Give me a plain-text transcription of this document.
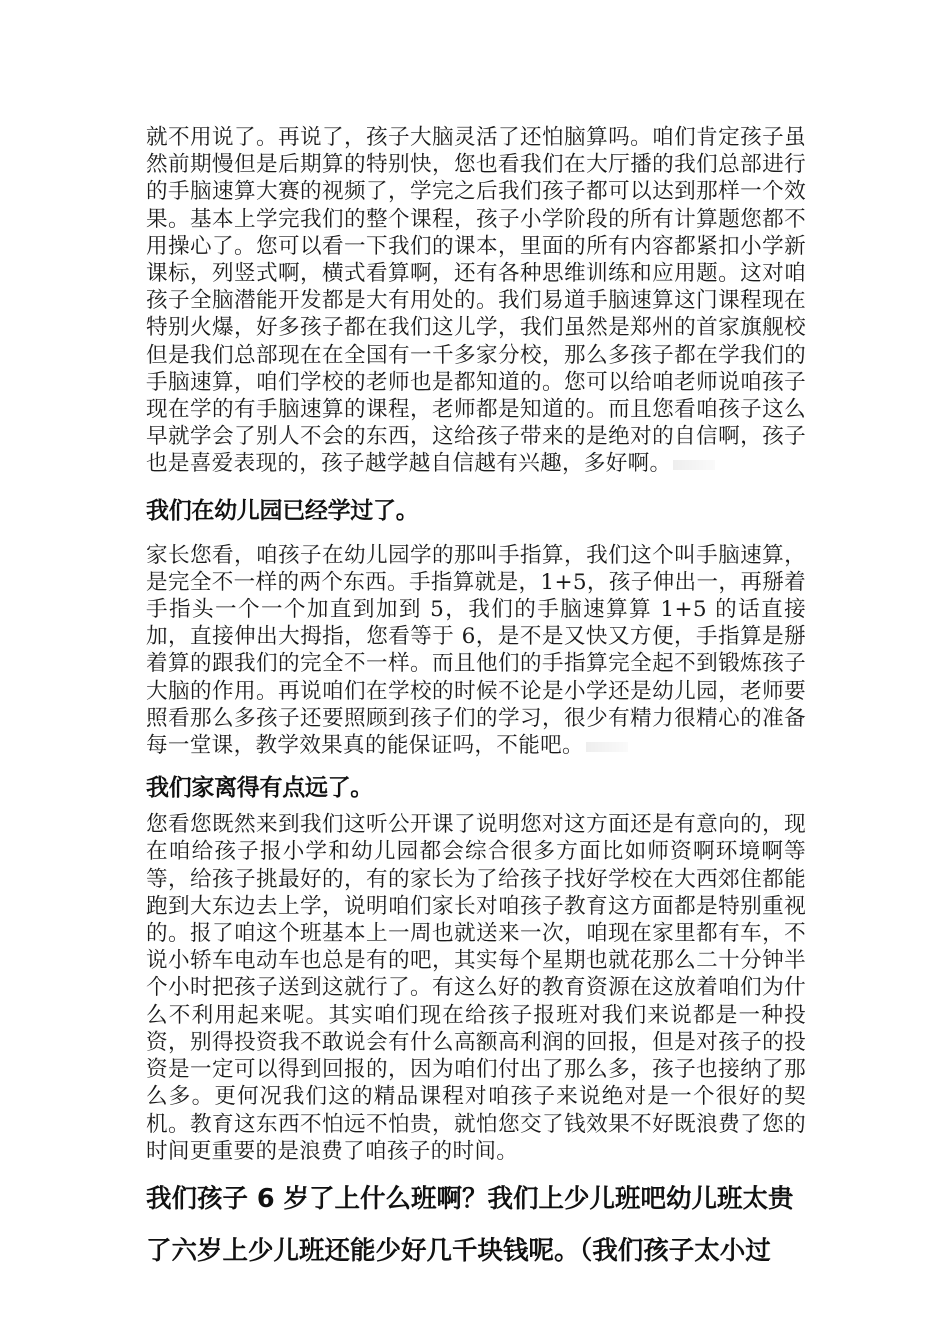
就不用说了。再说了，孩子大脑灵活了还怕脑算吗。咱们肯定孩子虽然前期慢但是后期算的特别快，您也看我们在大厅播的我们总部进行的手脑速算大赛的视频了，学完之后我们孩子都可以达到那样一个效果。基本上学完我们的整个课程，孩子小学阶段的所有计算题您都不用操心了。您可以看一下我们的课本，里面的所有内容都紧扣小学新课标，列竖式啊，横式看算啊，还有各种思维训练和应用题。这对咱孩子全脑潜能开发都是大有用处的。我们易道手脑速算这门课程现在特别火爆，好多孩子都在我们这儿学，我们虽然是郑州的首家旗舰校但是我们总部现在在全国有一千多家分校，那么多孩子都在学我们的手脑速算，咱们学校的老师也是都知道的。您可以给咱老师说咱孩子现在学的有手脑速算的课程，老师都是知道的。而且您看咱孩子这么早就学会了别人不会的东西，这给孩子带来的是绝对的自信啊，孩子也是喜爱表现的，孩子越学越自信越有兴趣，多好啊。

我们在幼儿园已经学过了。

家长您看，咱孩子在幼儿园学的那叫手指算，我们这个叫手脑速算，是完全不一样的两个东西。手指算就是，1+5，孩子伸出一，再掰着手指头一个一个加直到加到 5，我们的手脑速算算 1+5 的话直接加，直接伸出大拇指，您看等于 6，是不是又快又方便，手指算是掰着算的跟我们的完全不一样。而且他们的手指算完全起不到锻炼孩子大脑的作用。再说咱们在学校的时候不论是小学还是幼儿园，老师要照看那么多孩子还要照顾到孩子们的学习，很少有精力很精心的准备每一堂课，教学效果真的能保证吗，不能吧。

我们家离得有点远了。

您看您既然来到我们这听公开课了说明您对这方面还是有意向的，现在咱给孩子报小学和幼儿园都会综合很多方面比如师资啊环境啊等等，给孩子挑最好的，有的家长为了给孩子找好学校在大西郊住都能跑到大东边去上学，说明咱们家长对咱孩子教育这方面都是特别重视的。报了咱这个班基本上一周也就送来一次，咱现在家里都有车，不说小轿车电动车也总是有的吧，其实每个星期也就花那么二十分钟半个小时把孩子送到这就行了。有这么好的教育资源在这放着咱们为什么不利用起来呢。其实咱们现在给孩子报班对我们来说都是一种投资，别得投资我不敢说会有什么高额高利润的回报，但是对孩子的投资是一定可以得到回报的，因为咱们付出了那么多，孩子也接纳了那么多。更何况我们这的精品课程对咱孩子来说绝对是一个很好的契机。教育这东西不怕远不怕贵，就怕您交了钱效果不好既浪费了您的时间更重要的是浪费了咱孩子的时间。

我们孩子 6 岁了上什么班啊？我们上少儿班吧幼儿班太贵了六岁上少儿班还能少好几千块钱呢。（我们孩子太小过
